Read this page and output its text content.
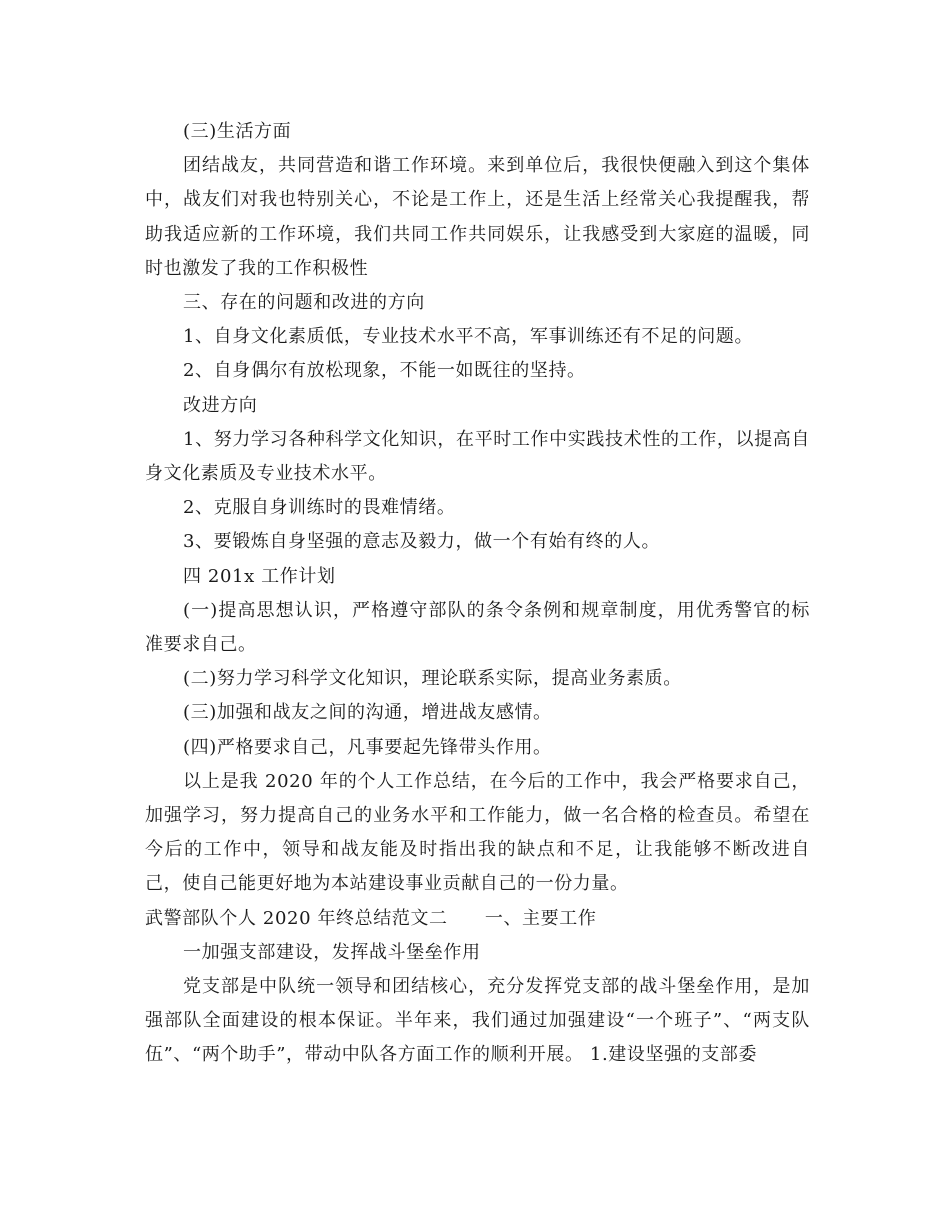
(三)生活方面

团结战友，共同营造和谐工作环境。来到单位后，我很快便融入到这个集体中，战友们对我也特别关心，不论是工作上，还是生活上经常关心我提醒我，帮助我适应新的工作环境，我们共同工作共同娱乐，让我感受到大家庭的温暖，同时也激发了我的工作积极性

三、存在的问题和改进的方向

1、自身文化素质低，专业技术水平不高，军事训练还有不足的问题。

2、自身偶尔有放松现象，不能一如既往的坚持。

改进方向

1、努力学习各种科学文化知识，在平时工作中实践技术性的工作，以提高自身文化素质及专业技术水平。

2、克服自身训练时的畏难情绪。

3、要锻炼自身坚强的意志及毅力，做一个有始有终的人。

四 201x 工作计划

(一)提高思想认识，严格遵守部队的条令条例和规章制度，用优秀警官的标准要求自己。

(二)努力学习科学文化知识，理论联系实际，提高业务素质。

(三)加强和战友之间的沟通，增进战友感情。

(四)严格要求自己，凡事要起先锋带头作用。

以上是我 2020 年的个人工作总结，在今后的工作中，我会严格要求自己，加强学习，努力提高自己的业务水平和工作能力，做一名合格的检查员。希望在今后的工作中，领导和战友能及时指出我的缺点和不足，让我能够不断改进自己，使自己能更好地为本站建设事业贡献自己的一份力量。

武警部队个人 2020 年终总结范文二　　一、主要工作

一加强支部建设，发挥战斗堡垒作用

党支部是中队统一领导和团结核心，充分发挥党支部的战斗堡垒作用，是加强部队全面建设的根本保证。半年来，我们通过加强建设“一个班子”、“两支队伍”、“两个助手”，带动中队各方面工作的顺利开展。 1.建设坚强的支部委
